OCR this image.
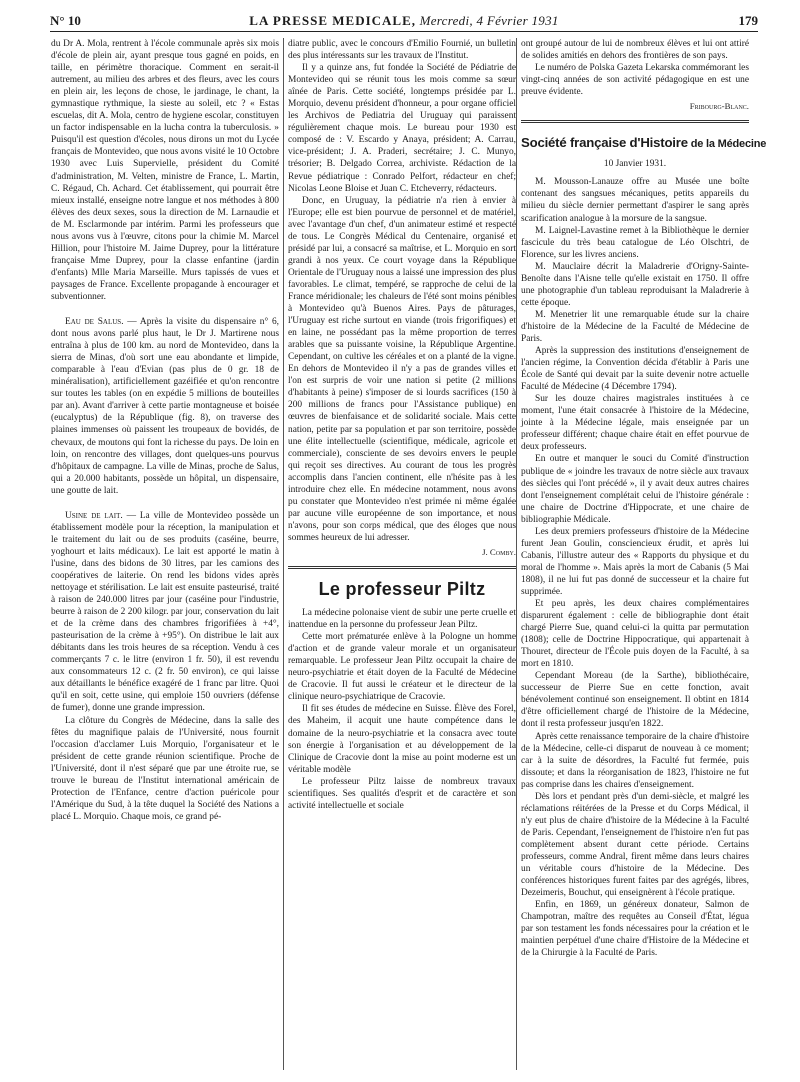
N° 10	LA PRESSE MEDICALE, Mercredi, 4 Février 1931	179

du Dr A. Mola, rentrent à l'école communale après six mois d'école de plein air, ayant presque tous gagné en poids, en taille, en périmètre thoracique. Comment en serait-il autrement, au milieu des arbres et des fleurs, avec les cours en plein air, les leçons de chose, le jardinage, le chant, la gymnastique rythmique, la sieste au soleil, etc ? « Estas escuelas, dit A. Mola, centro de hygiene escolar, constituyen un factor indispensable en la lucha contra la tuberculosis. » Puisqu'il est question d'écoles, nous dirons un mot du Lycée français de Montevideo, que nous avons visité le 10 Octobre 1930 avec Luis Supervielle, président du Comité d'administration, M. Velten, ministre de France, L. Martin, C. Régaud, Ch. Achard. Cet établissement, qui pourrait être mieux installé, enseigne notre langue et nos méthodes à 800 élèves des deux sexes, sous la direction de M. Larnaudie et de M. Esclarmonde par intérim. Parmi les professeurs que nous avons vus à l'œuvre, citons pour la chimie M. Marcel Hillion, pour l'histoire M. Jaime Duprey, pour la littérature française Mme Duprey, pour la classe enfantine (jardin d'enfants) Mlle Maria Marseille. Murs tapissés de vues et paysages de France. Excellente propagande à encourager et subventionner.

Eau de Salus. — Après la visite du dispensaire n° 6, dont nous avons parlé plus haut, le Dr J. Martirene nous entraîna à plus de 100 km. au nord de Montevideo, dans la sierra de Minas, d'où sort une eau abondante et limpide, comparable à l'eau d'Evian (pas plus de 0 gr. 18 de minéralisation), artificiellement gazéifiée et qu'on rencontre sur toutes les tables (on en expédie 5 millions de bouteilles par an). Avant d'arriver à cette partie montagneuse et boisée (eucalyptus) de la République (fig. 8), on traverse des plaines immenses où paissent les troupeaux de bovidés, de chevaux, de moutons qui font la richesse du pays. De loin en loin, on rencontre des villages, dont quelques-uns pourvus d'hôpitaux de campagne. La ville de Minas, proche de Salus, qui a 20.000 habitants, possède un hôpital, un dispensaire, une goutte de lait.

Usine de lait. — La ville de Montevideo possède un établissement modèle pour la réception, la manipulation et le traitement du lait ou de ses produits (caséine, beurre, yoghourt et laits médicaux). Le lait est apporté le matin à l'usine, dans des bidons de 30 litres, par les camions des coopératives de laiterie. On rend les bidons vides après nettoyage et stérilisation. Le lait est ensuite pasteurisé, traité à raison de 240.000 litres par jour (caséine pour l'industrie, beurre à raison de 2 200 kilogr. par jour, conservation du lait et de la crème dans des chambres frigorifiées à +4°, pasteurisation de la crème à +95°). On distribue le lait aux débitants dans les trois heures de sa réception. Vendu à ces commerçants 7 c. le litre (environ 1 fr. 50), il est revendu aux consommateurs 12 c. (2 fr. 50 environ), ce qui laisse aux détaillants le bénéfice exagéré de 1 franc par litre. Quoi qu'il en soit, cette usine, qui emploie 150 ouvriers (défense de fumer), donne une grande impression.

La clôture du Congrès de Médecine, dans la salle des fêtes du magnifique palais de l'Université, nous fournit l'occasion d'acclamer Luis Morquio, l'organisateur et le président de cette grande réunion scientifique. Proche de l'Université, dont il n'est séparé que par une étroite rue, se trouve le bureau de l'Institut international américain de Protection de l'Enfance, centre d'action puéricole pour l'Amérique du Sud, à la tête duquel la Société des Nations a placé L. Morquio. Chaque mois, ce grand pé-

diatre public, avec le concours d'Emilio Fournié, un bulletin des plus intéressants sur les travaux de l'Institut.

Il y a quinze ans, fut fondée la Société de Pédiatrie de Montevideo qui se réunit tous les mois comme sa sœur aînée de Paris. Cette société, longtemps présidée par L. Morquio, devenu président d'honneur, a pour organe officiel les Archivos de Pediatria del Uruguay qui paraissent régulièrement chaque mois. Le bureau pour 1930 est composé de : V. Escardo y Anaya, président; A. Carrau, vice-président; J. A. Praderi, secrétaire; J. C. Munyo, trésorier; B. Delgado Correa, archiviste. Rédaction de la Revue pédiatrique : Conrado Pelfort, rédacteur en chef; Nicolas Leone Bloise et Juan C. Etcheverry, rédacteurs.

Donc, en Uruguay, la pédiatrie n'a rien à envier à l'Europe; elle est bien pourvue de personnel et de matériel, avec l'avantage d'un chef, d'un animateur estimé et respecté de tous. Le Congrès Médical du Centenaire, organisé et présidé par lui, a consacré sa maîtrise, et L. Morquio en sort grandi à nos yeux. Ce court voyage dans la République Orientale de l'Uruguay nous a laissé une impression des plus favorables. Le climat, tempéré, se rapproche de celui de la France méridionale; les chaleurs de l'été sont moins pénibles à Montevideo qu'à Buenos Aires. Pays de pâturages, l'Uruguay est riche surtout en viande (trois frigorifiques) et en laine, ne possédant pas la même proportion de terres arables que sa puissante voisine, la République Argentine. Cependant, on cultive les céréales et on a planté de la vigne. En dehors de Montevideo il n'y a pas de grandes villes et l'on est surpris de voir une nation si petite (2 millions d'habitants à peine) s'imposer de si lourds sacrifices (150 à 200 millions de francs pour l'Assistance publique) en œuvres de bienfaisance et de solidarité sociale. Mais cette nation, petite par sa population et par son territoire, possède une élite intellectuelle (scientifique, médicale, agricole et commerciale), consciente de ses devoirs envers le peuple qui reçoit ses directives. Au courant de tous les progrès accomplis dans l'ancien continent, elle n'hésite pas à les introduire chez elle. En médecine notamment, nous avons pu constater que Montevideo n'est primée ni même égalée par aucune ville européenne de son importance, et nous n'avons, pour son corps médical, que des éloges que nous sommes heureux de lui adresser.

J. Comby.
Le professeur Piltz

La médecine polonaise vient de subir une perte cruelle et inattendue en la personne du professeur Jean Piltz.

Cette mort prématurée enlève à la Pologne un homme d'action et de grande valeur morale et un organisateur remarquable. Le professeur Jean Piltz occupait la chaire de neuro-psychiatrie et était doyen de la Faculté de Médecine de Cracovie. Il fut aussi le créateur et le directeur de la clinique neuro-psychiatrique de Cracovie.

Il fit ses études de médecine en Suisse. Élève des Forel, des Maheim, il acquit une haute compétence dans le domaine de la neuro-psychiatrie et la consacra avec toute son énergie à l'organisation et au développement de la Clinique de Cracovie dont la mise au point moderne est un véritable modèle

Le professeur Piltz laisse de nombreux travaux scientifiques. Ses qualités d'esprit et de caractère et son activité intellectuelle et sociale

ont groupé autour de lui de nombreux élèves et lui ont attiré de solides amitiés en dehors des frontières de son pays.

Le numéro de Polska Gazeta Lekarska commémorant les vingt-cinq années de son activité pédagogique en est une preuve évidente.

Fribourg-Blanc.
Société française d'Histoire de la Médecine
10 Janvier 1931.

M. Mousson-Lanauze offre au Musée une boîte contenant des sangsues mécaniques, petits appareils du milieu du siècle dernier permettant d'aspirer le sang après scarification analogue à la morsure de la sangsue.

M. Laignel-Lavastine remet à la Bibliothèque le dernier fascicule du très beau catalogue de Léo Olschtri, de Florence, sur les livres anciens.

M. Mauclaire décrit la Maladrerie d'Origny-Sainte-Benoîte dans l'Aisne telle qu'elle existait en 1750. Il offre une photographie d'un tableau reproduisant la Maladrerie à cette époque.

M. Menetrier lit une remarquable étude sur la chaire d'histoire de la Médecine de la Faculté de Médecine de Paris.

Après la suppression des institutions d'enseignement de l'ancien régime, la Convention décida d'établir à Paris une École de Santé qui devait par la suite devenir notre actuelle Faculté de Médecine (4 Décembre 1794).

Sur les douze chaires magistrales instituées à ce moment, l'une était consacrée à l'histoire de la Médecine, jointe à la Médecine légale, mais enseignée par un professeur différent; chaque chaire était en effet pourvue de deux professeurs.

En outre et manquer le souci du Comité d'instruction publique de « joindre les travaux de notre siècle aux travaux des siècles qui l'ont précédé », il y avait deux autres chaires dont l'enseignement complétait celui de l'histoire générale : une chaire de Doctrine d'Hippocrate, et une chaire de bibliographie Médicale.

Les deux premiers professeurs d'histoire de la Médecine furent Jean Goulin, consciencieux érudit, et après lui Cabanis, l'illustre auteur des « Rapports du physique et du moral de l'homme ». Mais après la mort de Cabanis (5 Mai 1808), il ne lui fut pas donné de successeur et la chaire fut supprimée.

Et peu après, les deux chaires complémentaires disparurent également : celle de bibliographie dont était chargé Pierre Sue, quand celui-ci la quitta par permutation (1808); celle de Doctrine Hippocratique, qui appartenait à Thouret, directeur de l'École puis doyen de la Faculté, à sa mort en 1810.

Cependant Moreau (de la Sarthe), bibliothécaire, successeur de Pierre Sue en cette fonction, avait bénévolement continué son enseignement. Il obtint en 1814 d'être officiellement chargé de l'histoire de la Médecine, dont il resta professeur jusqu'en 1822.

Après cette renaissance temporaire de la chaire d'histoire de la Médecine, celle-ci disparut de nouveau à ce moment; car à la suite de désordres, la Faculté fut fermée, puis dissoute; et dans la réorganisation de 1823, l'histoire ne fut pas comprise dans les chaires d'enseignement.

Dès lors et pendant près d'un demi-siècle, et malgré les réclamations réitérées de la Presse et du Corps Médical, il n'y eut plus de chaire d'histoire de la Médecine à la Faculté de Paris. Cependant, l'enseignement de l'histoire n'en fut pas complètement absent durant cette période. Certains professeurs, comme Andral, firent même dans leurs chaires un véritable cours d'histoire de la Médecine. Des conférences historiques furent faites par des agrégés, libres, Dezeimeris, Bouchut, qui enseignèrent à l'école pratique.

Enfin, en 1869, un généreux donateur, Salmon de Champotran, maître des requêtes au Conseil d'État, légua par son testament les fonds nécessaires pour la création et le maintien perpétuel d'une chaire d'Histoire de la Médecine et de la Chirurgie à la Faculté de Paris.
